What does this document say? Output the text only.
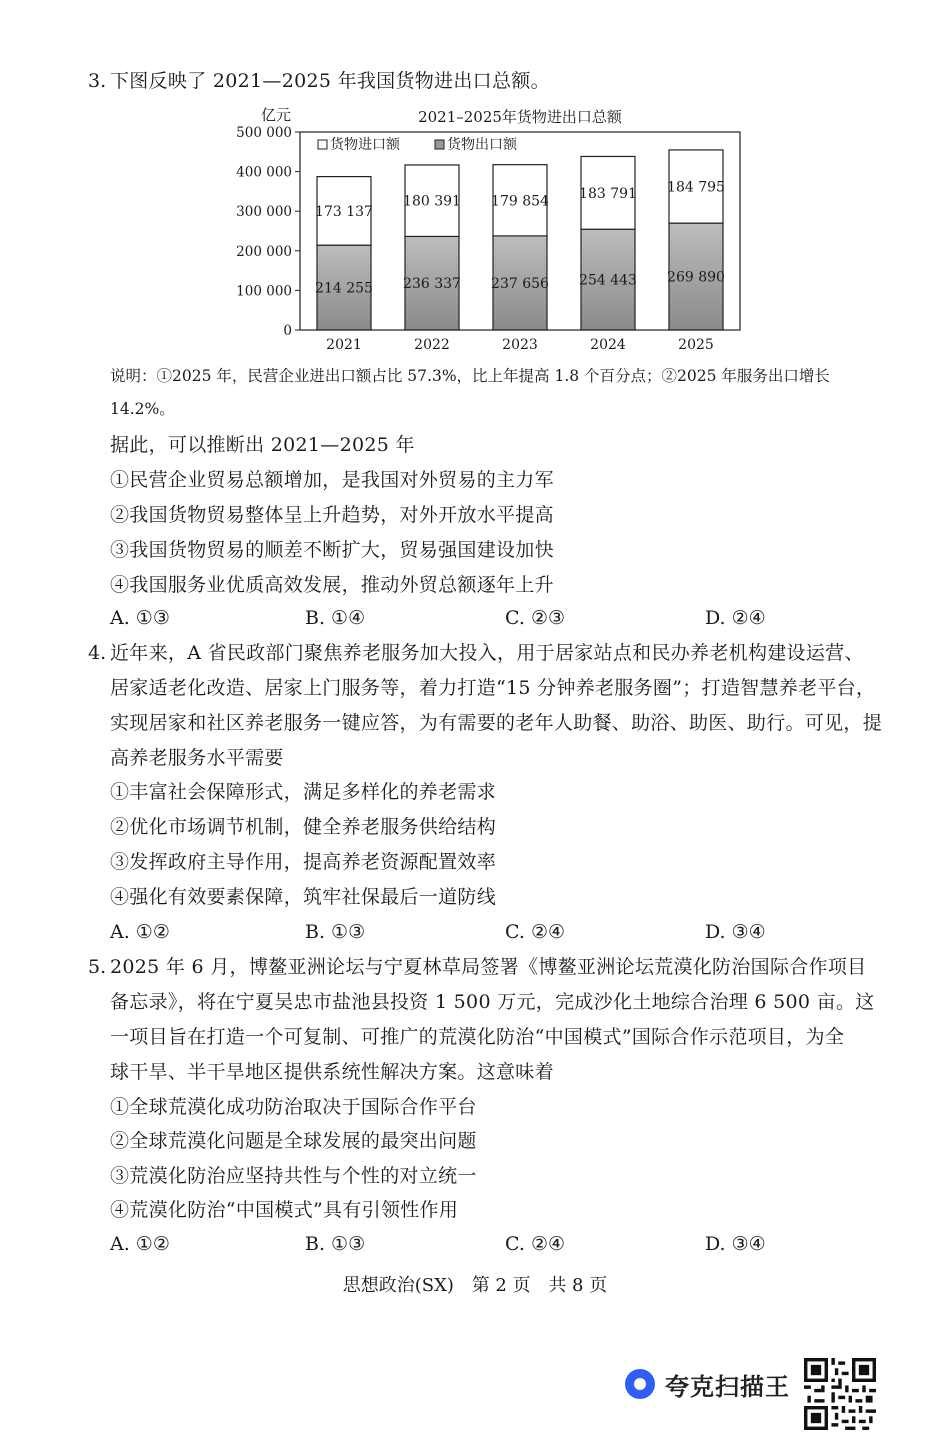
3. 下图反映了 2021—2025 年我国货物进出口总额。
2021–2025年货物进出口总额
亿元
0
100 000
200 000
300 000
400 000
500 000
货物进口额	货物出口额
214 255
173 137
2021
236 337
180 391
2022
237 656
179 854
2023
254 443
183 791
2024
269 890
184 795
2025
说明：①2025 年，民营企业进出口额占比 57.3%，比上年提高 1.8 个百分点；②2025 年服务出口增长
14.2%。
据此，可以推断出 2021—2025 年
①民营企业贸易总额增加，是我国对外贸易的主力军
②我国货物贸易整体呈上升趋势，对外开放水平提高
③我国货物贸易的顺差不断扩大，贸易强国建设加快
④我国服务业优质高效发展，推动外贸总额逐年上升
A. ①③	B. ①④	C. ②③	D. ②④
4. 近年来，A 省民政部门聚焦养老服务加大投入，用于居家站点和民办养老机构建设运营、
居家适老化改造、居家上门服务等，着力打造“15 分钟养老服务圈”；打造智慧养老平台，
实现居家和社区养老服务一键应答，为有需要的老年人助餐、助浴、助医、助行。可见，提
高养老服务水平需要
①丰富社会保障形式，满足多样化的养老需求
②优化市场调节机制，健全养老服务供给结构
③发挥政府主导作用，提高养老资源配置效率
④强化有效要素保障，筑牢社保最后一道防线
A. ①②	B. ①③	C. ②④	D. ③④
5. 2025 年 6 月，博鳌亚洲论坛与宁夏林草局签署《博鳌亚洲论坛荒漠化防治国际合作项目
备忘录》，将在宁夏吴忠市盐池县投资 1 500 万元，完成沙化土地综合治理 6 500 亩。这
一项目旨在打造一个可复制、可推广的荒漠化防治“中国模式”国际合作示范项目，为全
球干旱、半干旱地区提供系统性解决方案。这意味着
①全球荒漠化成功防治取决于国际合作平台
②全球荒漠化问题是全球发展的最突出问题
③荒漠化防治应坚持共性与个性的对立统一
④荒漠化防治“中国模式”具有引领性作用
A. ①②	B. ①③	C. ②④	D. ③④
思想政治(SX) 第 2 页 共 8 页
夸克扫描王
